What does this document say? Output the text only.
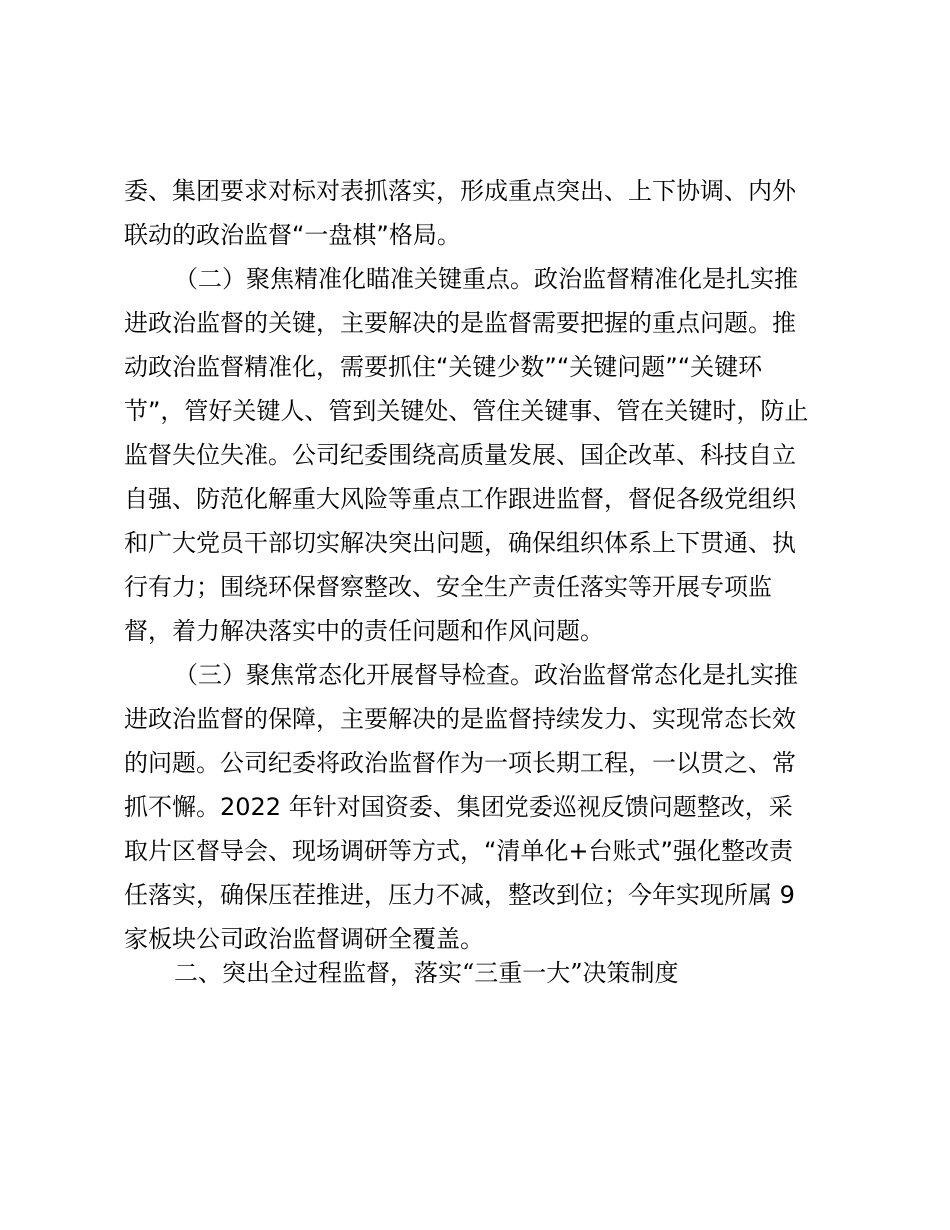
委、集团要求对标对表抓落实，形成重点突出、上下协调、内外
联动的政治监督“一盘棋”格局。
（二）聚焦精准化瞄准关键重点。政治监督精准化是扎实推
进政治监督的关键，主要解决的是监督需要把握的重点问题。推
动政治监督精准化，需要抓住“关键少数”“关键问题”“关键环
节”，管好关键人、管到关键处、管住关键事、管在关键时，防止
监督失位失准。公司纪委围绕高质量发展、国企改革、科技自立
自强、防范化解重大风险等重点工作跟进监督，督促各级党组织
和广大党员干部切实解决突出问题，确保组织体系上下贯通、执
行有力；围绕环保督察整改、安全生产责任落实等开展专项监
督，着力解决落实中的责任问题和作风问题。
（三）聚焦常态化开展督导检查。政治监督常态化是扎实推
进政治监督的保障，主要解决的是监督持续发力、实现常态长效
的问题。公司纪委将政治监督作为一项长期工程，一以贯之、常
抓不懈。2022 年针对国资委、集团党委巡视反馈问题整改，采
取片区督导会、现场调研等方式，“清单化+台账式”强化整改责
任落实，确保压茬推进，压力不减，整改到位；今年实现所属 9
家板块公司政治监督调研全覆盖。
二、突出全过程监督，落实“三重一大”决策制度
